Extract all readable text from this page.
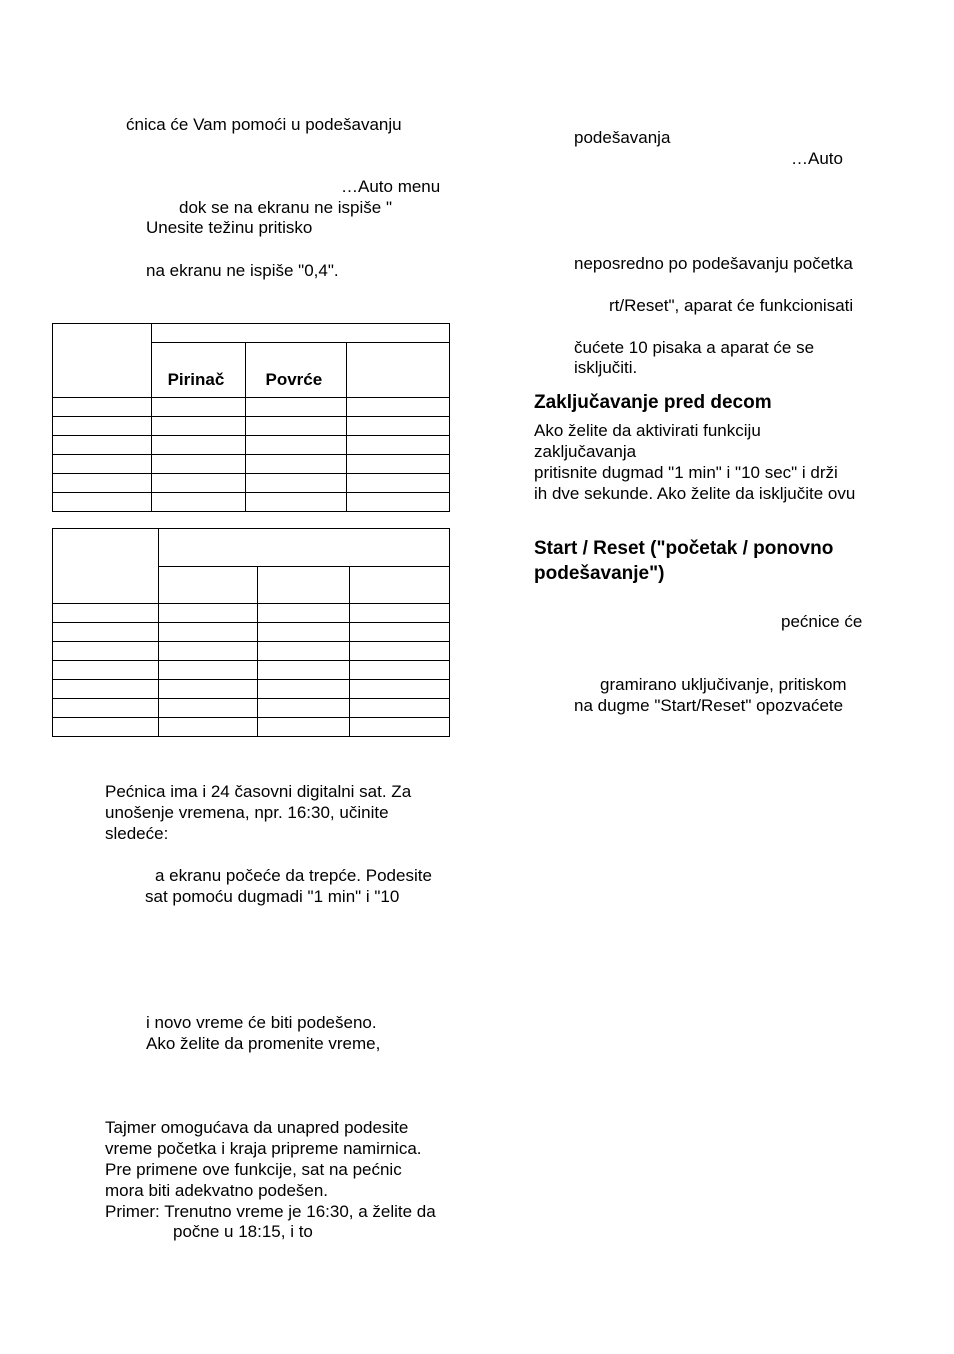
ćnica će Vam pomoći u podešavanju
…Auto menu
dok se na ekranu ne ispiše "
Unesite težinu pritisko
na ekranu ne ispiše "0,4".

	Pirinač	Povrće	

Pećnica ima i 24 časovni digitalni sat. Za
unošenje vremena, npr. 16:30, učinite
sledeće:
a ekranu počeće da trepće. Podesite
sat pomoću dugmadi "1 min" i "10
i novo vreme će biti podešeno.
Ako želite da promenite vreme,
Tajmer omogućava da unapred podesite
vreme početka i kraja pripreme namirnica.
Pre primene ove funkcije, sat na pećnic
mora biti adekvatno podešen.
Primer: Trenutno vreme je 16:30, a želite da
počne u 18:15, i to
podešavanja
…Auto
neposredno po podešavanju početka
rt/Reset", aparat će funkcionisati
čućete 10 pisaka a aparat će se
isključiti.
Zaključavanje pred decom
Ako želite da aktivirati funkciju
zaključavanja
pritisnite dugmad "1 min" i "10 sec" i drži
ih dve sekunde. Ako želite da isključite ovu
Start / Reset ("početak / ponovno
podešavanje")
pećnice će
gramirano uključivanje, pritiskom
na dugme "Start/Reset" opozvaćete
